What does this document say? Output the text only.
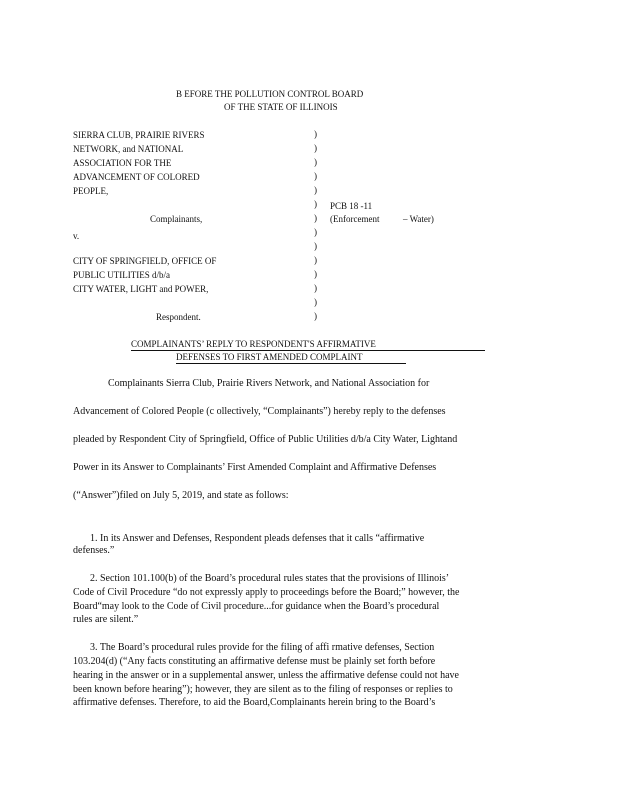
B EFORE THE POLLUTION CONTROL BOARD
OF THE STATE OF ILLINOIS
SIERRA CLUB, PRAIRIE RIVERS
NETWORK, and NATIONAL
ASSOCIATION FOR THE
ADVANCEMENT OF COLORED
PEOPLE,
Complainants,
v.
CITY OF SPRINGFIELD, OFFICE OF
PUBLIC UTILITIES d/b/a
CITY WATER, LIGHT and POWER,
Respondent.
)
)
)
)
)
)
)
)
)
)
)
)
)
)
PCB 18 -11
(Enforcement	– Water)
COMPLAINANTS’ REPLY TO RESPONDENT'S AFFIRMATIVE
DEFENSES TO FIRST AMENDED COMPLAINT
Complainants Sierra Club, Prairie Rivers Network, and National Association for
Advancement of Colored People (c ollectively, “Complainants”) hereby reply to the defenses
pleaded by Respondent City of Springfield, Office of Public Utilities d/b/a City Water, Lightand
Power in its Answer to Complainants’ First Amended Complaint and Affirmative Defenses
(“Answer”)filed on July 5, 2019, and state as follows:
1. In its Answer and Defenses, Respondent pleads defenses that it calls “affirmative
defenses.”
2. Section 101.100(b) of the Board’s procedural rules states that the provisions of Illinois’
Code of Civil Procedure “do not expressly apply to proceedings before the Board;” however, the
Board“may look to the Code of Civil procedure...for guidance when the Board’s procedural
rules are silent.”
3. The Board’s procedural rules provide for the filing of affi rmative defenses, Section
103.204(d) (“Any facts constituting an affirmative defense must be plainly set forth before
hearing in the answer or in a supplemental answer, unless the affirmative defense could not have
been known before hearing”); however, they are silent as to the filing of responses or replies to
affirmative defenses. Therefore, to aid the Board,Complainants herein bring to the Board’s
